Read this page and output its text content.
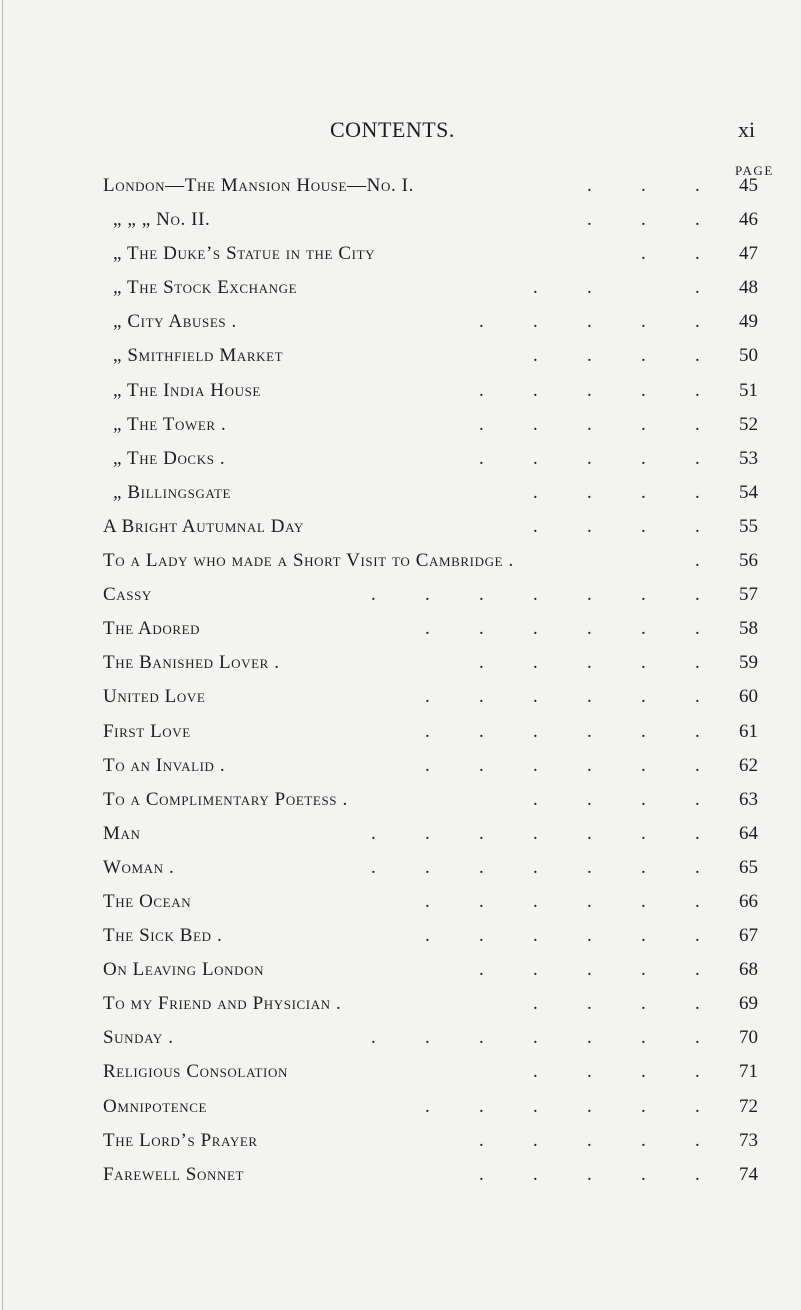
CONTENTS.	xi
PAGE
London—The Mansion House—No. I.	.	.	. 45
„ „ „ No. II.	.	.	. 46
„ The Duke’s Statue in the City	.	. 47
„ The Stock Exchange	.	.	. 48
„ City Abuses .	.	.	.	.	. 49
„ Smithfield Market	.	.	.	. 50
„ The India House	.	.	.	.	. 51
„ The Tower .	.	.	.	.	. 52
„ The Docks .	.	.	.	.	. 53
„ Billingsgate	.	.	.	. 54
A Bright Autumnal Day	.	.	.	. 55
To a Lady who made a Short Visit to Cambridge .	. 56
Cassy	.	.	.	.	.	.	. 57
The Adored	.	.	.	.	.	. 58
The Banished Lover .	.	.	.	.	. 59
United Love	.	.	.	.	.	. 60
First Love	.	.	.	.	.	. 61
To an Invalid .	.	.	.	.	.	. 62
To a Complimentary Poetess .	.	.	.	. 63
Man	.	.	.	.	.	.	. 64
Woman .	.	.	.	.	.	.	. 65
The Ocean	.	.	.	.	.	. 66
The Sick Bed .	.	.	.	.	.	. 67
On Leaving London	.	.	.	.	. 68
To my Friend and Physician .	.	.	.	. 69
Sunday .	.	.	.	.	.	.	. 70
Religious Consolation	.	.	.	. 71
Omnipotence	.	.	.	.	.	. 72
The Lord’s Prayer	.	.	.	.	. 73
Farewell Sonnet	.	.	.	.	. 74
